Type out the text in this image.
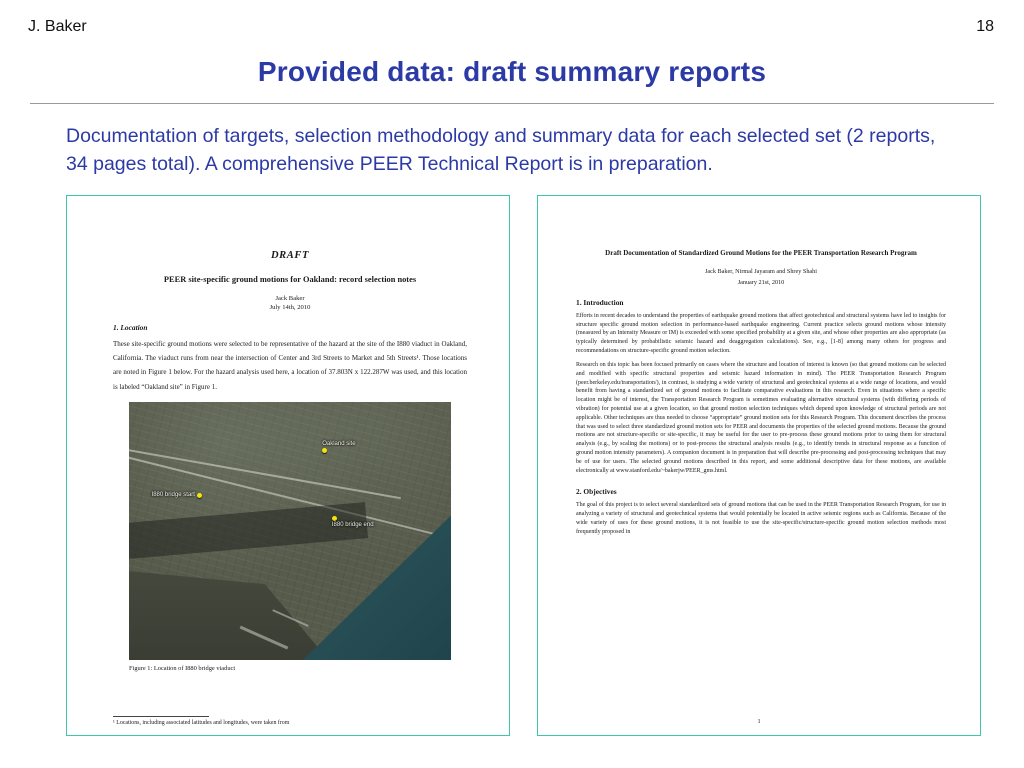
J. Baker	18
Provided data: draft summary reports
Documentation of targets, selection methodology and summary data for each selected set (2 reports, 34 pages total). A comprehensive PEER Technical Report is in preparation.
DRAFT
PEER site-specific ground motions for Oakland: record selection notes
Jack Baker
July 14th, 2010
1. Location
These site-specific ground motions were selected to be representative of the hazard at the site of the I880 viaduct in Oakland, California. The viaduct runs from near the intersection of Center and 3rd Streets to Market and 5th Streets¹. Those locations are noted in Figure 1 below. For the hazard analysis used here, a location of 37.803N x 122.287W was used, and this location is labeled “Oakland site” in Figure 1.
I880 bridge start
Oakland site
I880 bridge end
Figure 1: Location of I880 bridge viaduct
¹ Locations, including associated latitudes and longitudes, were taken from
Draft Documentation of Standardized Ground Motions for the PEER Transportation Research Program
Jack Baker, Nirmal Jayaram and Shrey Shahi
January 21st, 2010
1. Introduction
Efforts in recent decades to understand the properties of earthquake ground motions that affect geotechnical and structural systems have led to insights for structure specific ground motion selection in performance-based earthquake engineering. Current practice selects ground motions whose intensity (measured by an Intensity Measure or IM) is exceeded with some specified probability at a given site, and whose other properties are also appropriate (as typically determined by probabilistic seismic hazard and deaggregation calculations). See, e.g., [1-8] among many others for progress and recommendations on structure-specific ground motion selection.
Research on this topic has been focused primarily on cases where the structure and location of interest is known (so that ground motions can be selected and modified with specific structural properties and seismic hazard information in mind). The PEER Transportation Research Program (peer.berkeley.edu/transportation/), in contrast, is studying a wide variety of structural and geotechnical systems at a wide range of locations, and would benefit from having a standardized set of ground motions to facilitate comparative evaluations in this research. Even in situations where a specific location might be of interest, the Transportation Research Program is sometimes evaluating alternative structural systems (with differing periods of vibration) for potential use at a given location, so that ground motion selection techniques which depend upon knowledge of structural periods are not applicable. Other techniques are thus needed to choose “appropriate” ground motion sets for this Research Program. This document describes the process that was used to select three standardized ground motion sets for PEER and documents the properties of the selected ground motions. Because the ground motions are not structure-specific or site-specific, it may be useful for the user to pre-process these ground motions prior to using them for structural analysis (e.g., by scaling the motions) or to post-process the structural analysis results (e.g., to identify trends in structural response as a function of ground motion intensity parameters). A companion document is in preparation that will describe pre-processing and post-processing techniques that may be of use for users. The selected ground motions described in this report, and some additional descriptive data for these motions, are available electronically at www.stanford.edu/~bakerjw/PEER_gms.html.
2. Objectives
The goal of this project is to select several standardized sets of ground motions that can be used in the PEER Transportation Research Program, for use in analyzing a variety of structural and geotechnical systems that would potentially be located in active seismic regions such as California. Because of the wide variety of uses for these ground motions, it is not feasible to use the site-specific/structure-specific ground motion selection methods most frequently proposed in
1
